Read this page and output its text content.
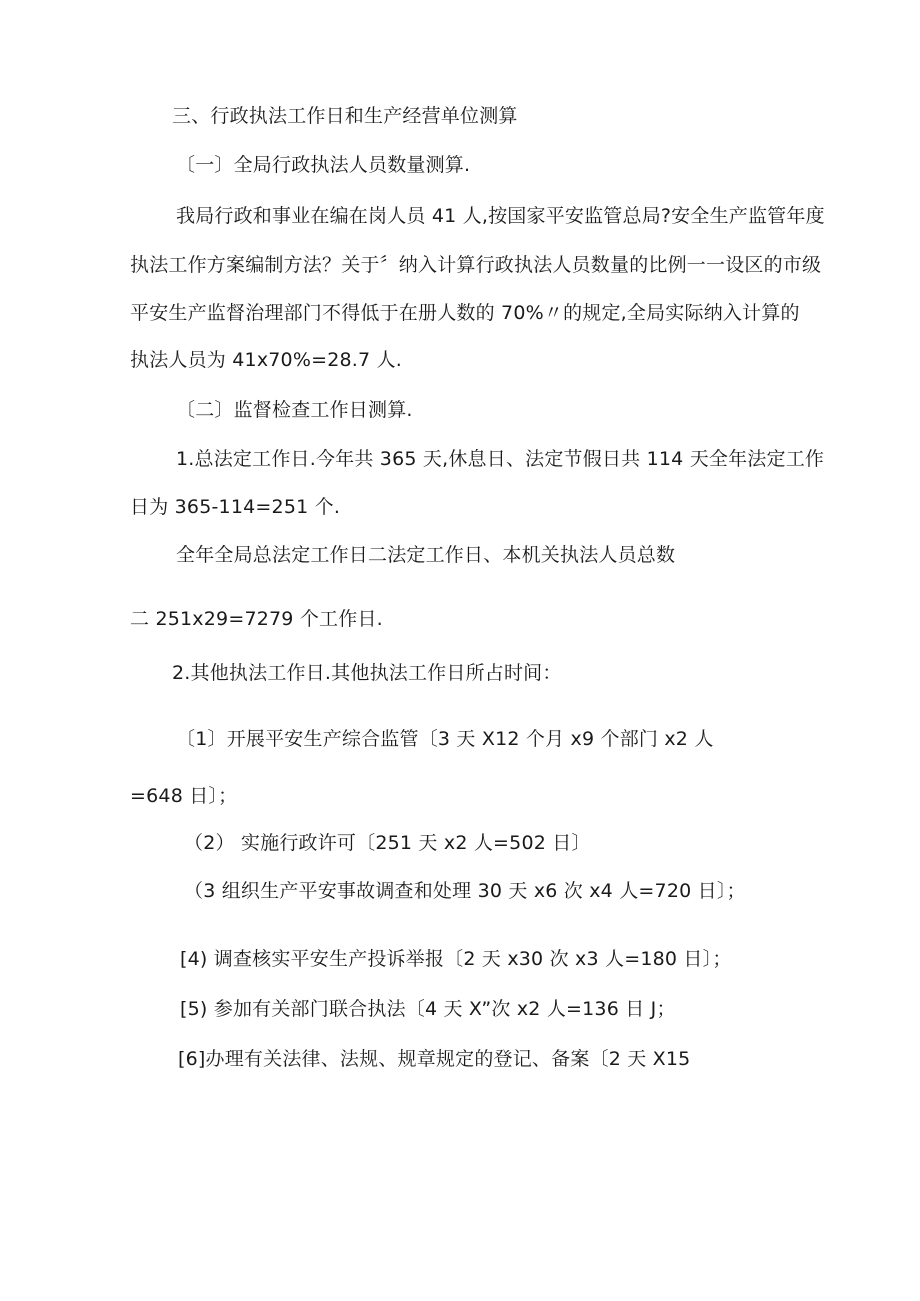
三、行政执法工作日和生产经营单位测算
〔一〕全局行政执法人员数量测算.
我局行政和事业在编在岗人员 41 人,按国家平安监管总局?安全生产监管年度
执法工作方案编制方法？关于〞纳入计算行政执法人员数量的比例一一设区的市级
平安生产监督治理部门不得低于在册人数的 70%〃的规定,全局实际纳入计算的
执法人员为 41x70%=28.7 人.
〔二〕监督检查工作日测算.
1.总法定工作日.今年共 365 天,休息日、法定节假日共 114 天全年法定工作
日为 365-114=251 个.
全年全局总法定工作日二法定工作日、本机关执法人员总数
二 251x29=7279 个工作日.
2.其他执法工作日.其他执法工作日所占时间：
〔1〕开展平安生产综合监管〔3 天 X12 个月 x9 个部门 x2 人
=648 日〕；
（2） 实施行政许可〔251 天 x2 人=502 日〕
（3 组织生产平安事故调查和处理 30 天 x6 次 x4 人=720 日〕；
[4) 调查核实平安生产投诉举报〔2 天 x30 次 x3 人=180 日〕；
[5) 参加有关部门联合执法〔4 天 X”次 x2 人=136 日 J；
[6]办理有关法律、法规、规章规定的登记、备案〔2 天 X15
